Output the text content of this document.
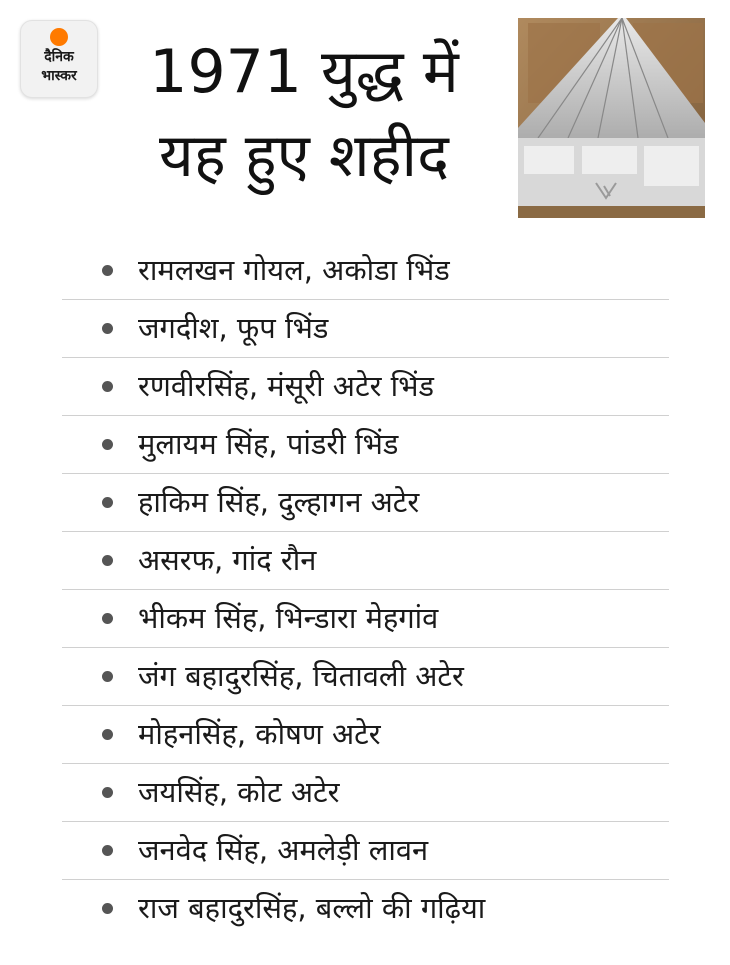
दैनिक
भास्कर	1971 युद्ध में
यह हुए शहीद
रामलखन गोयल, अकोडा भिंड
जगदीश, फूप भिंड
रणवीरसिंह, मंसूरी अटेर भिंड
मुलायम सिंह, पांडरी भिंड
हाकिम सिंह, दुल्हागन अटेर
असरफ, गांद रौन
भीकम सिंह, भिन्डारा मेहगांव
जंग बहादुरसिंह, चितावली अटेर
मोहनसिंह, कोषण अटेर
जयसिंह, कोट अटेर
जनवेद सिंह, अमलेड़ी लावन
राज बहादुरसिंह, बल्लो की गढ़िया
